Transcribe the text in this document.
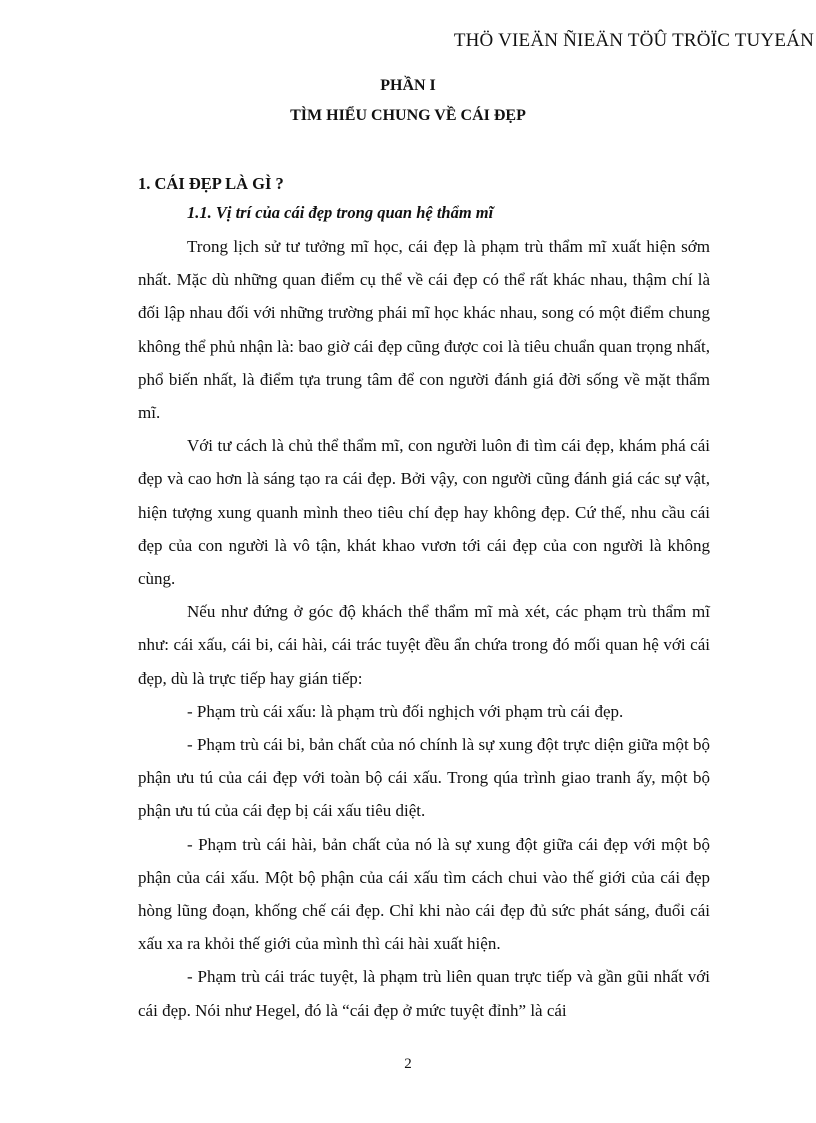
THÖ VIEÄN ÑIEÄN TÖÛ TRÖÏC TUYEÁN
PHẦN I
TÌM HIỂU CHUNG VỀ CÁI ĐẸP
1. CÁI ĐẸP LÀ GÌ ?
1.1. Vị trí của cái đẹp trong quan hệ thẩm mĩ

Trong lịch sử tư tưởng mĩ học, cái đẹp là phạm trù thẩm mĩ xuất hiện sớm nhất. Mặc dù những quan điểm cụ thể về cái đẹp có thể rất khác nhau, thậm chí là đối lập nhau đối với những trường phái mĩ học khác nhau, song có một điểm chung không thể phủ nhận là: bao giờ cái đẹp cũng được coi là tiêu chuẩn quan trọng nhất, phổ biến nhất, là điểm tựa trung tâm để con người đánh giá đời sống về mặt thẩm mĩ.

Với tư cách là chủ thể thẩm mĩ, con người luôn đi tìm cái đẹp, khám phá cái đẹp và cao hơn là sáng tạo ra cái đẹp. Bởi vậy, con người cũng đánh giá các sự vật, hiện tượng xung quanh mình theo tiêu chí đẹp hay không đẹp. Cứ thế, nhu cầu cái đẹp của con người là vô tận, khát khao vươn tới cái đẹp của con người là không cùng.

Nếu như đứng ở góc độ khách thể thẩm mĩ mà xét, các phạm trù thẩm mĩ như: cái xấu, cái bi, cái hài, cái trác tuyệt đều ẩn chứa trong đó mối quan hệ với cái đẹp, dù là trực tiếp hay gián tiếp:

- Phạm trù cái xấu: là phạm trù đối nghịch với phạm trù cái đẹp.

- Phạm trù cái bi, bản chất của nó chính là sự xung đột trực diện giữa một bộ phận ưu tú của cái đẹp với toàn bộ cái xấu. Trong qúa trình giao tranh ấy, một bộ phận ưu tú của cái đẹp bị cái xấu tiêu diệt.

- Phạm trù cái hài, bản chất của nó là sự xung đột giữa cái đẹp với một bộ phận của cái xấu. Một bộ phận của cái xấu tìm cách chui vào thế giới của cái đẹp hòng lũng đoạn, khống chế cái đẹp. Chỉ khi nào cái đẹp đủ sức phát sáng, đuổi cái xấu xa ra khỏi thế giới của mình thì cái hài xuất hiện.

- Phạm trù cái trác tuyệt, là phạm trù liên quan trực tiếp và gần gũi nhất với cái đẹp. Nói như Hegel, đó là “cái đẹp ở mức tuyệt đỉnh” là cái

2
